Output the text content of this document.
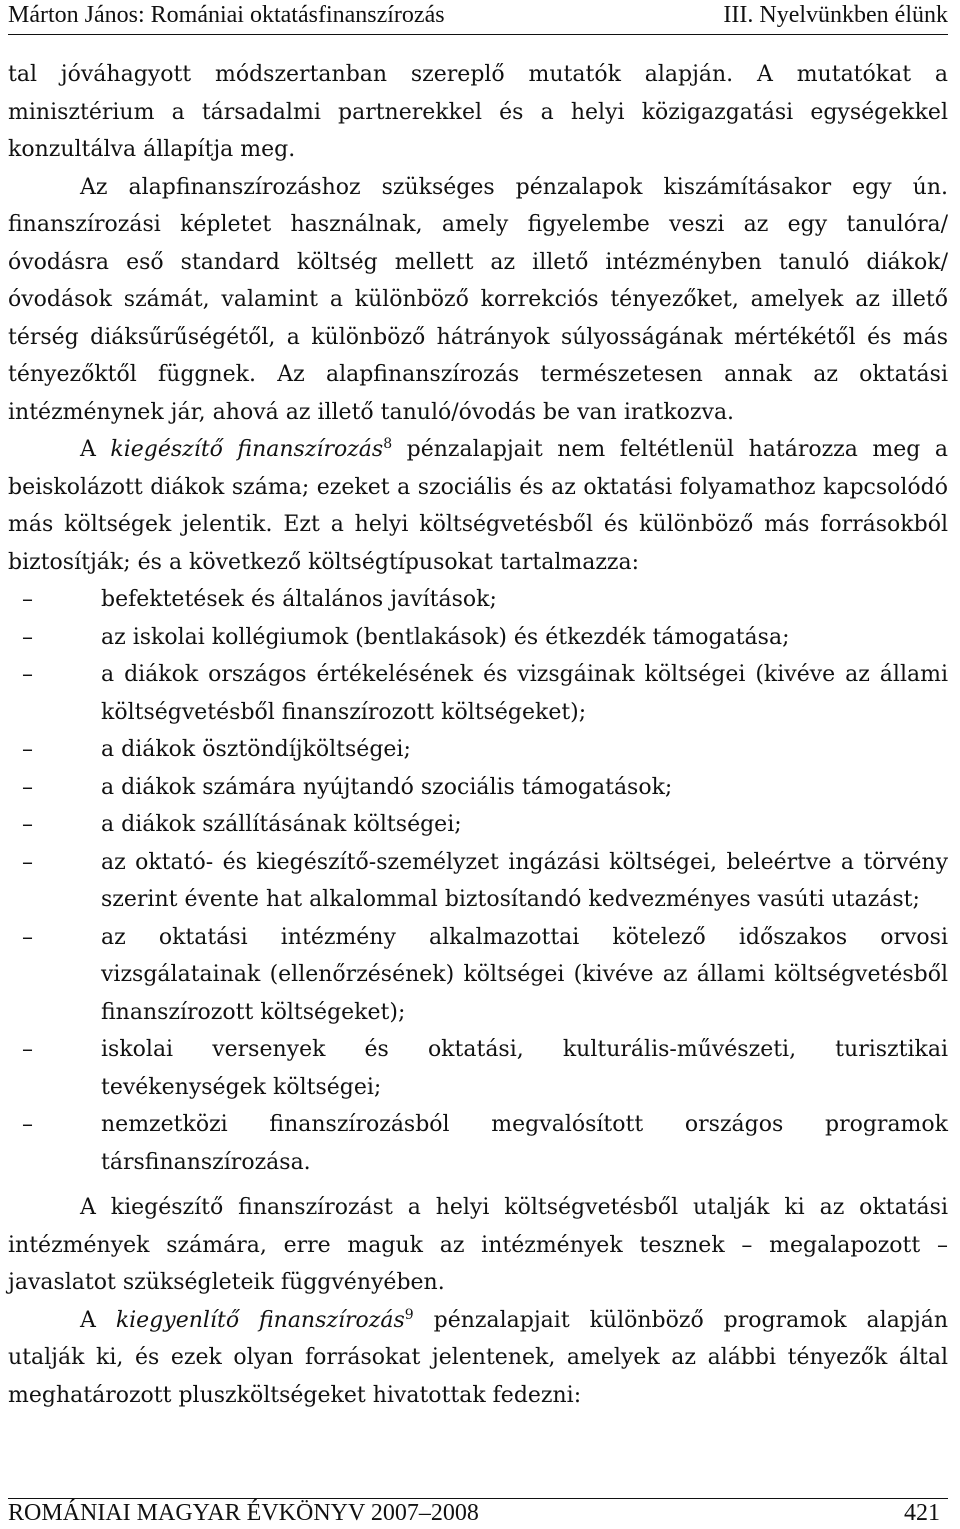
Márton János: Romániai oktatásfinanszírozás	III. Nyelvünkben élünk

tal jóváhagyott módszertanban szereplő mutatók alapján. A mutatókat a minisztérium a társadalmi partnerekkel és a helyi közigazgatási egységekkel konzultálva állapítja meg.

Az alapfinanszírozáshoz szükséges pénzalapok kiszámításakor egy ún. finanszírozási képletet használnak, amely figyelembe veszi az egy tanulóra/óvodásra eső standard költség mellett az illető intézményben tanuló diákok/óvodások számát, valamint a különböző korrekciós tényezőket, amelyek az illető térség diáksűrűségétől, a különböző hátrányok súlyosságának mértékétől és más tényezőktől függnek. Az alapfinanszírozás természetesen annak az oktatási intézménynek jár, ahová az illető tanuló/óvodás be van iratkozva.

A kiegészítő finanszírozás$^8$ pénzalapjait nem feltétlenül határozza meg a beiskolázott diákok száma; ezeket a szociális és az oktatási folyamathoz kapcsolódó más költségek jelentik. Ezt a helyi költségvetésből és különböző más forrásokból biztosítják; és a következő költségtípusokat tartalmazza:

–	befektetések és általános javítások;
–	az iskolai kollégiumok (bentlakások) és étkezdék támogatása;
–	a diákok országos értékelésének és vizsgáinak költségei (kivéve az állami költségvetésből finanszírozott költségeket);
–	a diákok ösztöndíjköltségei;
–	a diákok számára nyújtandó szociális támogatások;
–	a diákok szállításának költségei;
–	az oktató- és kiegészítő-személyzet ingázási költségei, beleértve a törvény szerint évente hat alkalommal biztosítandó kedvezményes vasúti utazást;
–	az oktatási intézmény alkalmazottai kötelező időszakos orvosi vizsgálatainak (ellenőrzésének) költségei (kivéve az állami költségvetésből finanszírozott költségeket);
–	iskolai versenyek és oktatási, kulturális-művészeti, turisztikai tevékenységek költségei;
–	nemzetközi finanszírozásból megvalósított országos programok társfinanszírozása.

A kiegészítő finanszírozást a helyi költségvetésből utalják ki az oktatási intézmények számára, erre maguk az intézmények tesznek – megalapozott – javaslatot szükségleteik függvényében.

A kiegyenlítő finanszírozás$^9$ pénzalapjait különböző programok alapján utalják ki, és ezek olyan forrásokat jelentenek, amelyek az alábbi tényezők által meghatározott pluszköltségeket hivatottak fedezni:

ROMÁNIAI MAGYAR ÉVKÖNYV 2007–2008	421
